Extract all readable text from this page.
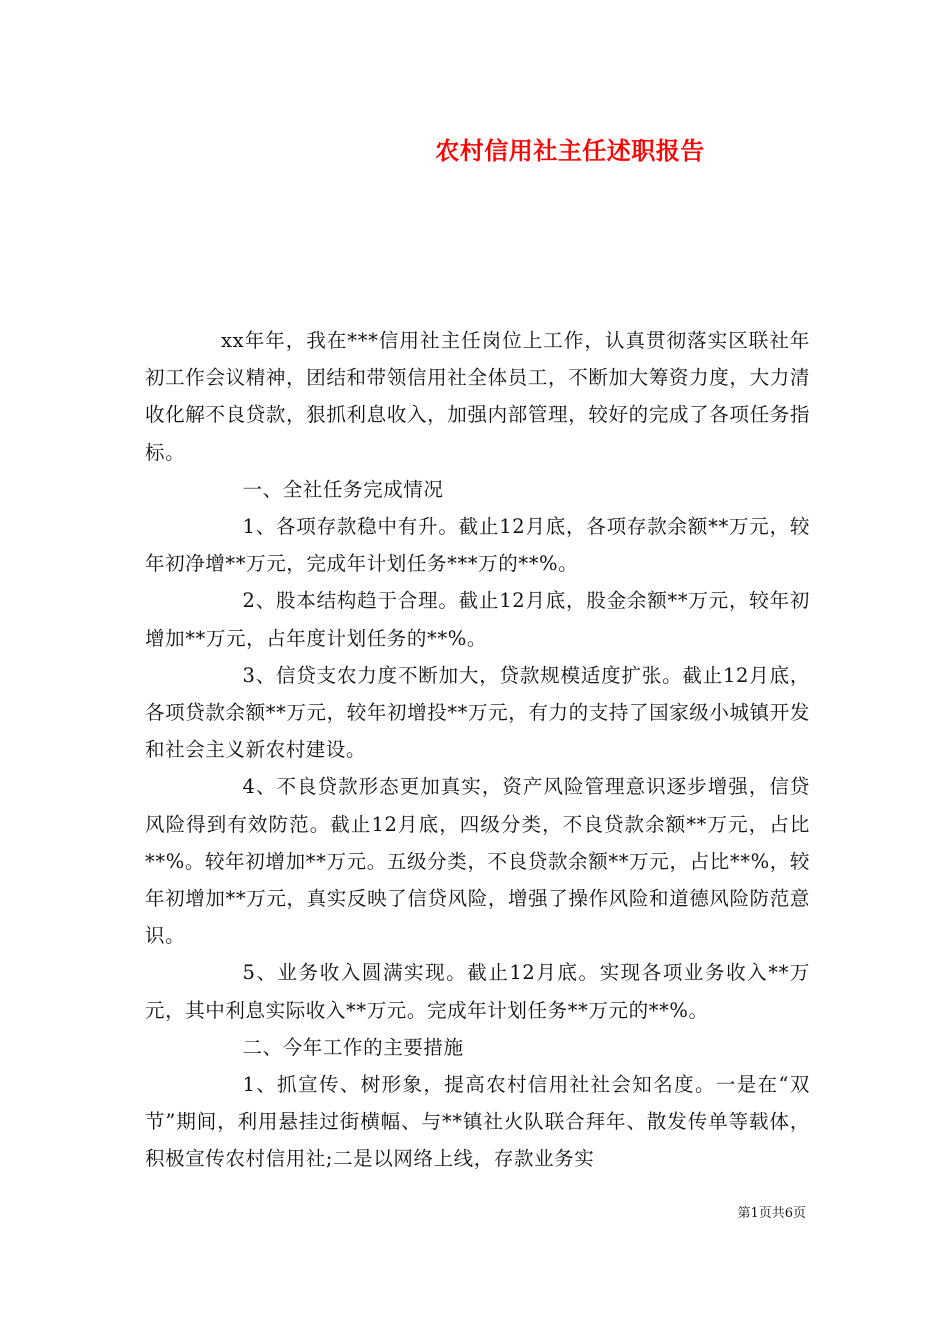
农村信用社主任述职报告

xx年年，我在***信用社主任岗位上工作，认真贯彻落实区联社年初工作会议精神，团结和带领信用社全体员工，不断加大筹资力度，大力清收化解不良贷款，狠抓利息收入，加强内部管理，较好的完成了各项任务指标。

一、全社任务完成情况

1、各项存款稳中有升。截止12月底，各项存款余额**万元，较年初净增**万元，完成年计划任务***万的**%。

2、股本结构趋于合理。截止12月底，股金余额**万元，较年初增加**万元，占年度计划任务的**%。

3、信贷支农力度不断加大，贷款规模适度扩张。截止12月底，各项贷款余额**万元，较年初增投**万元，有力的支持了国家级小城镇开发和社会主义新农村建设。

4、不良贷款形态更加真实，资产风险管理意识逐步增强，信贷风险得到有效防范。截止12月底，四级分类，不良贷款余额**万元，占比**%。较年初增加**万元。五级分类，不良贷款余额**万元，占比**%，较年初增加**万元，真实反映了信贷风险，增强了操作风险和道德风险防范意识。

5、业务收入圆满实现。截止12月底。实现各项业务收入**万元，其中利息实际收入**万元。完成年计划任务**万元的**%。

二、今年工作的主要措施

1、抓宣传、树形象，提高农村信用社社会知名度。一是在“双节”期间，利用悬挂过街横幅、与**镇社火队联合拜年、散发传单等载体，积极宣传农村信用社;二是以网络上线，存款业务实

第1页共6页
